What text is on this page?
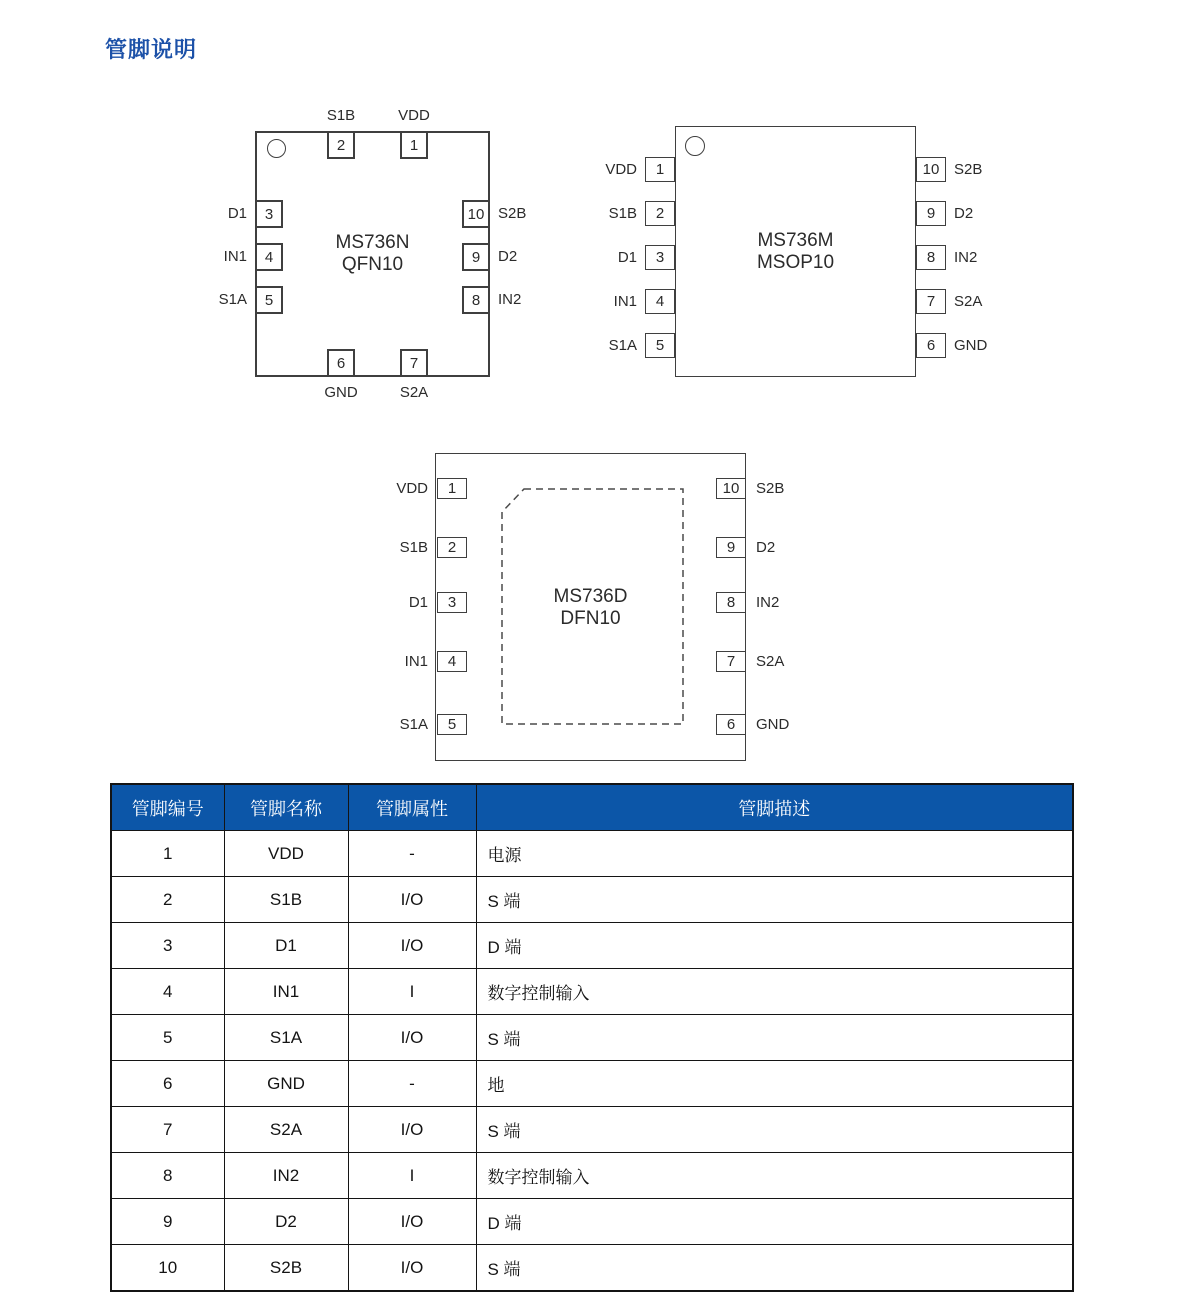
管脚说明
MS736N
QFN10
MS736M
MSOP10
MS736D
DFN10
2
S1B
1
VDD
3
D1
4
IN1
5
S1A
10 S2B
9	D2
8	IN2
6
GND
7
S2A
1
VDD
2
S1B
3
D1
4
IN1
5
S1A
10 S2B
9	D2
8	IN2
7	S2A
6	GND
1
VDD
2
S1B
3
D1
4
IN1
5
S1A
10	S2B
9	D2
8	IN2
7	S2A
6	GND
管脚编号	管脚名称	管脚属性	管脚描述
1	VDD	-	电源
2	S1B	I/O	S 端
3	D1	I/O	D 端
4	IN1	I	数字控制输入
5	S1A	I/O	S 端
6	GND	-	地
7	S2A	I/O	S 端
8	IN2	I	数字控制输入
9	D2	I/O	D 端
10	S2B	I/O	S 端
